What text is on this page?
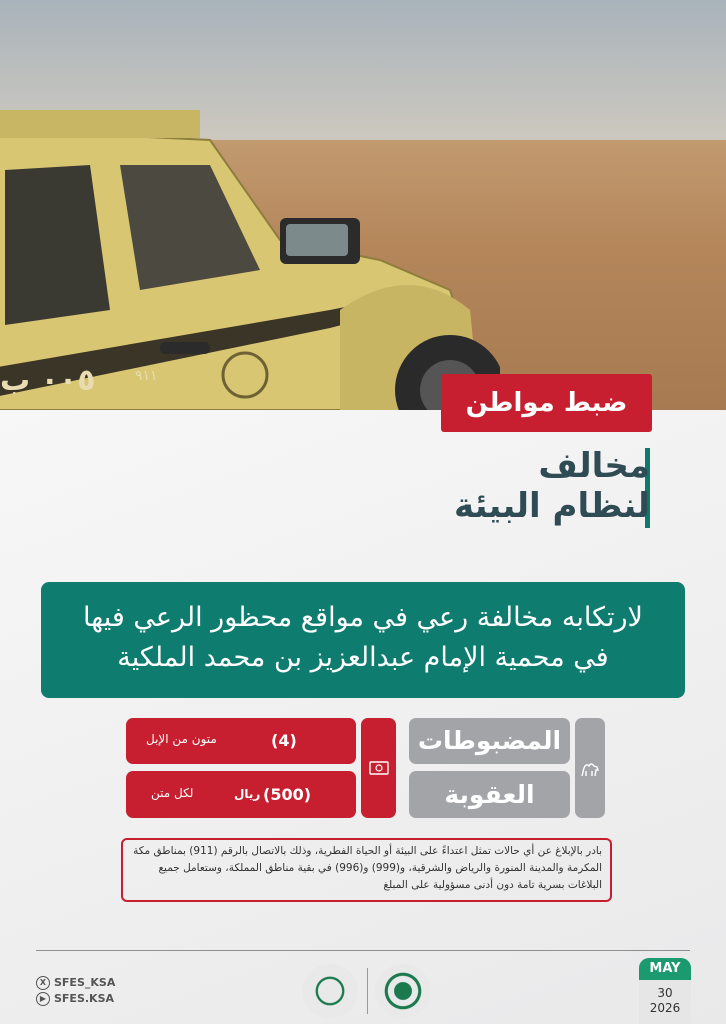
٠٠٥ ب	٩١١
ضبط مواطن
مخالف
لنظام البيئة
لارتكابه مخالفة رعي في مواقع محظور الرعي فيها
في محمية الإمام عبدالعزيز بن محمد الملكية
المضبوطات
العقوبة
(4)
متون من الإبل
(500)
ريال
لكل متن
بادر بالإبلاغ عن أي حالات تمثل اعتداءً على البيئة أو الحياة الفطرية، وذلك بالاتصال بالرقم (911) بمناطق مكة المكرمة والمدينة المنورة والرياض والشرقية، و(999) و(996) في بقية مناطق المملكة، وستعامل جميع البلاغات بسرية تامة دون أدنى مسؤولية على المبلغ
X SFES_KSA
▶ SFES.KSA
MAY
30
2026
